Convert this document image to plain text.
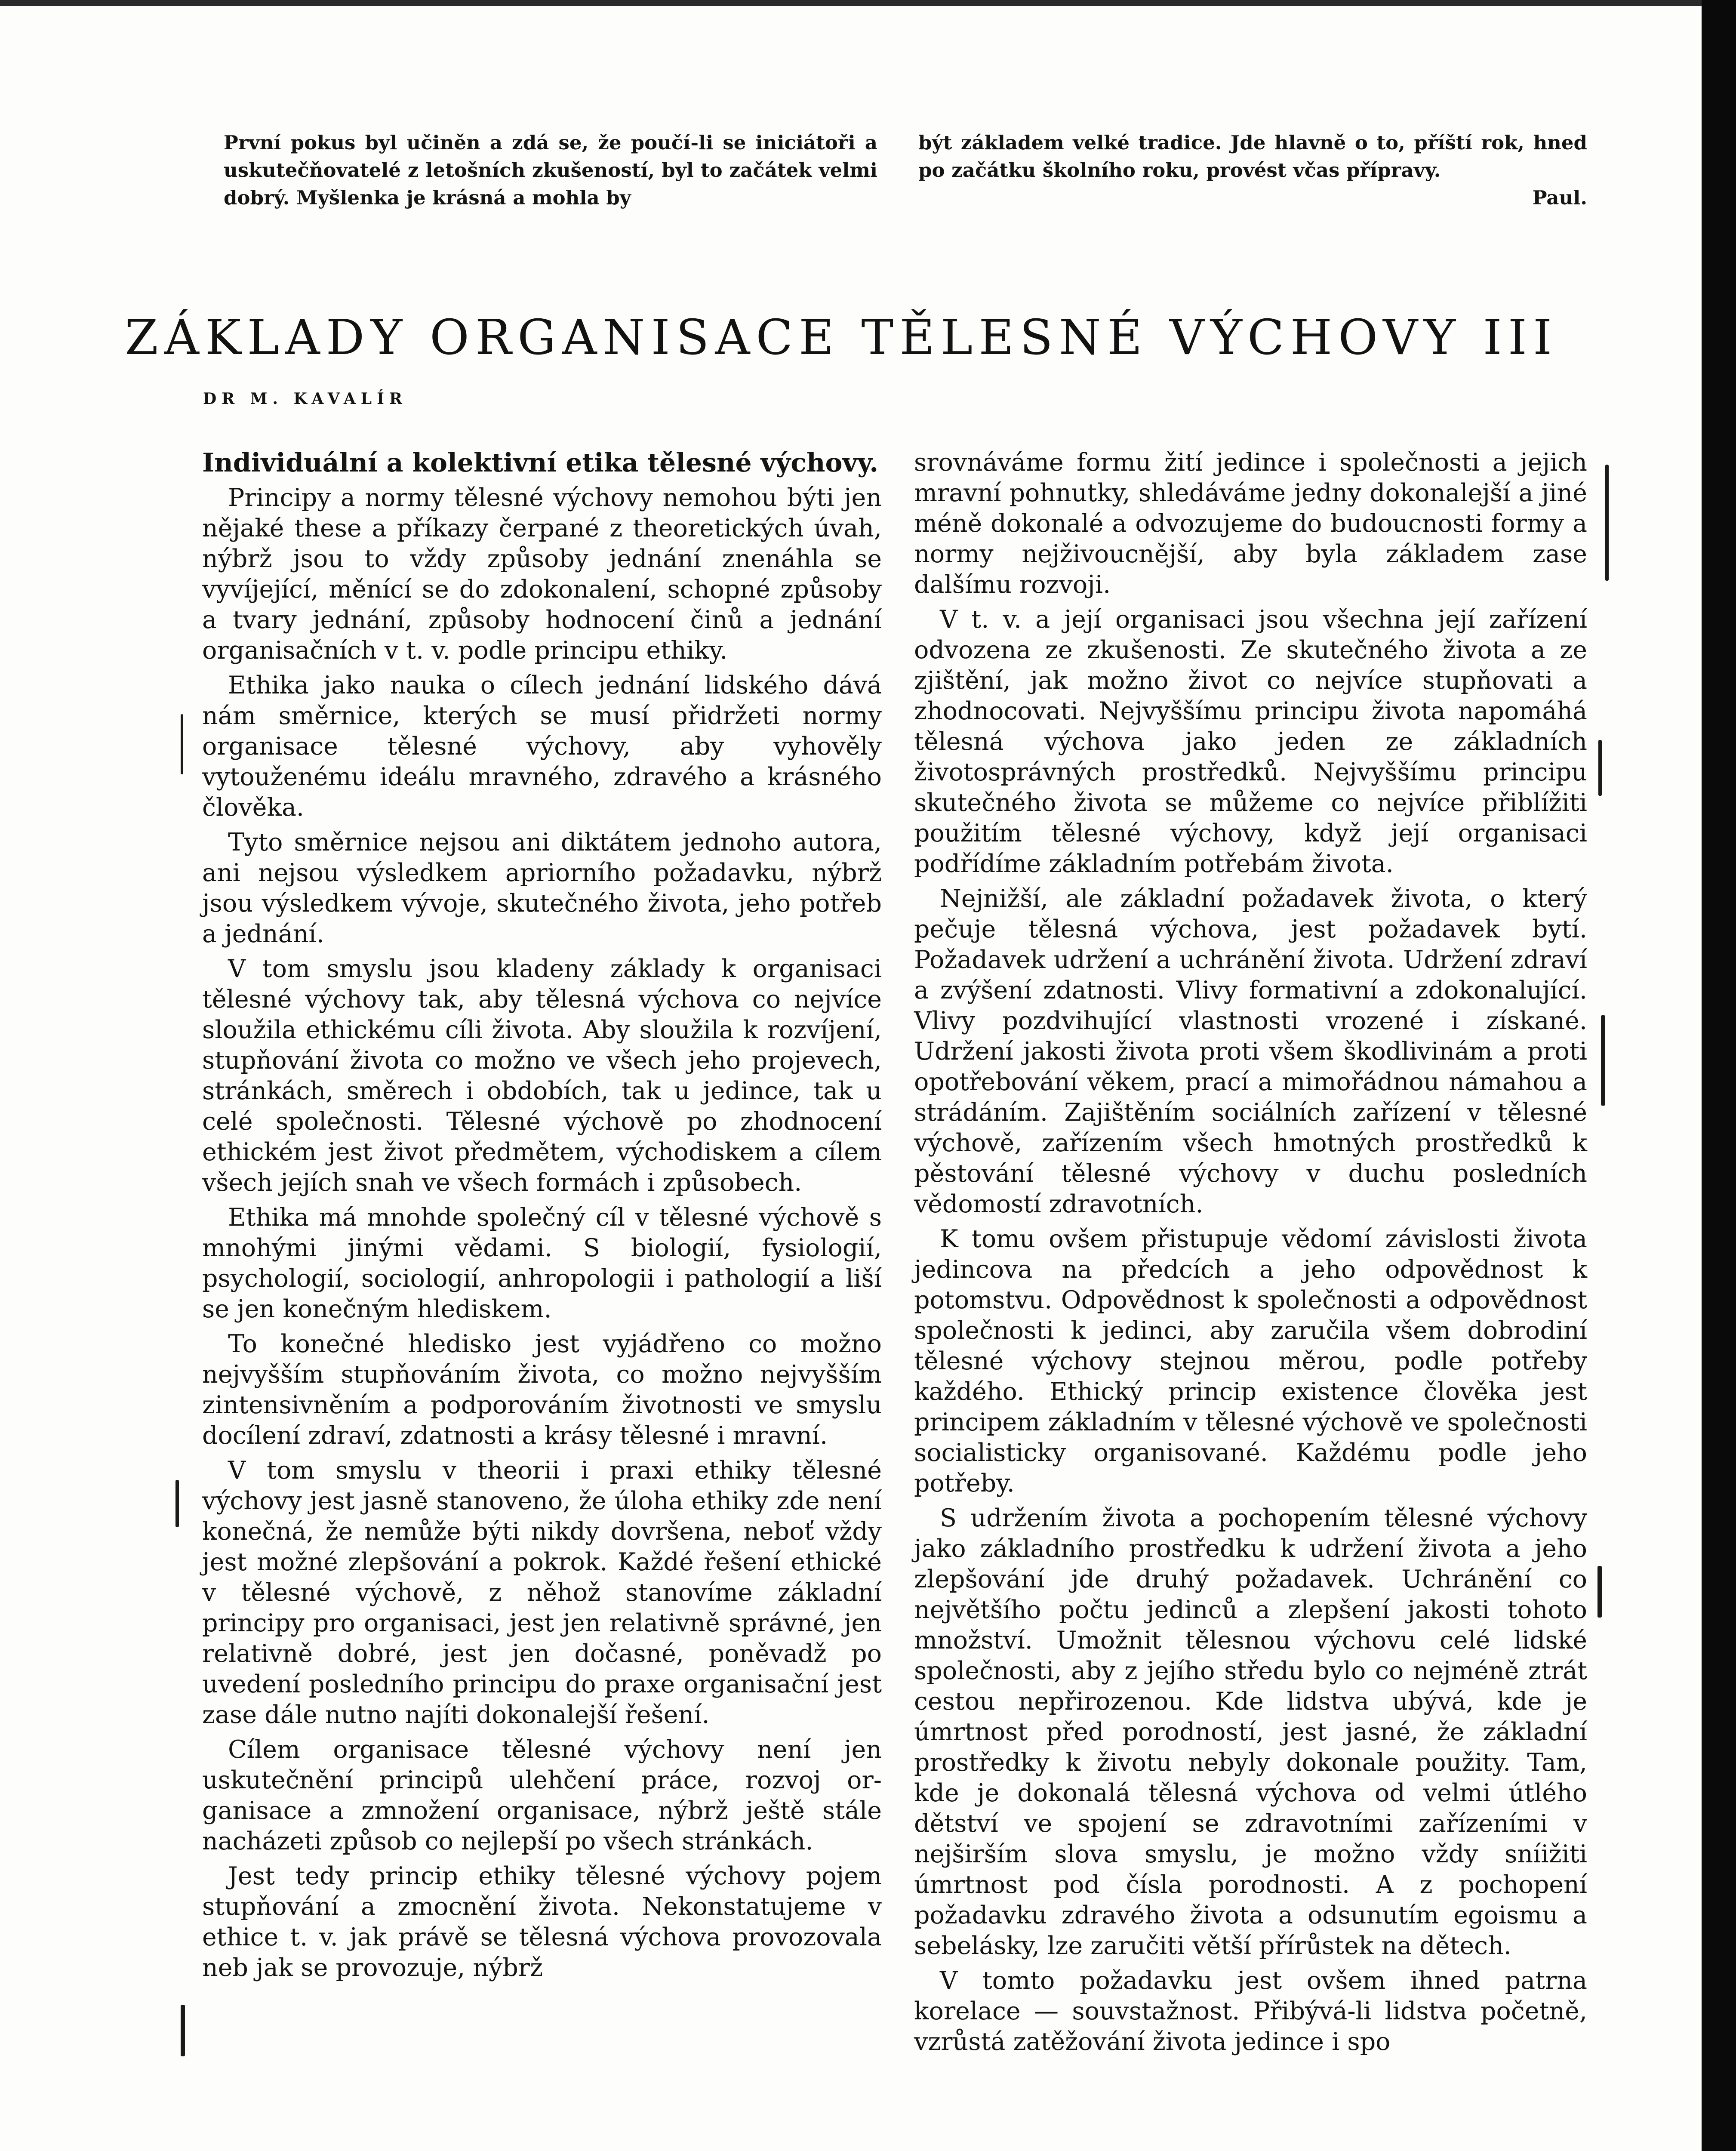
První pokus byl učiněn a zdá se, že poučí-li se iniciátoři a uskutečňovatelé z letošních zkušeností, byl to začátek velmi dobrý. Myšlenka je krásná a mohla by

být základem velké tradice. Jde hlavně o to, příští rok, hned po začátku školního roku, provést včas přípravy.

Paul.

ZÁKLADY ORGANISACE TĚLESNÉ VÝCHOVY III
DR M. KAVALÍR
Individuální a kolektivní etika tělesné výchovy.

Principy a normy tělesné výchovy nemohou býti jen nějaké these a příkazy čerpané z theoretických úvah, nýbrž jsou to vždy způsoby jednání znenáhla se vyvíjející, měnící se do zdokonalení, schopné způsoby a tvary jednání, způsoby hodnocení činů a jednání organisačních v t. v. podle principu ethiky.

Ethika jako nauka o cílech jednání lidského dává nám směrnice, kterých se musí přidržeti normy organisace tělesné výchovy, aby vyhověly vytouženému ideálu mravného, zdravého a krásného člověka.

Tyto směrnice nejsou ani diktátem jednoho autora, ani nejsou výsledkem apriorního požadavku, nýbrž jsou výsledkem vývoje, skutečného života, jeho potřeb a jednání.

V tom smyslu jsou kladeny základy k organisaci tělesné výchovy tak, aby tělesná výchova co nejvíce sloužila ethickému cíli života. Aby sloužila k rozvíjení, stupňování života co možno ve všech jeho projevech, stránkách, směrech i obdobích, tak u jedince, tak u celé společnosti. Tělesné výchově po zhodnocení ethickém jest život předmětem, východiskem a cílem všech jejích snah ve všech formách i způsobech.

Ethika má mnohde společný cíl v tělesné výchově s mnohými jinými vědami. S biologií, fysiologií, psychologií, sociologií, anhropologii i pathologií a liší se jen konečným hlediskem.

To konečné hledisko jest vyjádřeno co možno nejvyšším stupňováním života, co možno nejvyšším zintensivněním a podporováním životnosti ve smyslu docílení zdraví, zdatnosti a krásy tělesné i mravní.

V tom smyslu v theorii i praxi ethiky tělesné výchovy jest jasně stanoveno, že úloha ethiky zde není konečná, že nemůže býti nikdy dovršena, neboť vždy jest možné zlepšování a pokrok. Každé řešení ethické v tělesné výchově, z něhož stanovíme základní principy pro organisaci, jest jen relativně správné, jen relativně dobré, jest jen dočasné, poněvadž po uvedení posledního principu do praxe organisační jest zase dále nutno najíti dokonalejší řešení.

Cílem organisace tělesné výchovy není jen uskutečnění principů ulehčení práce, rozvoj organisace a zmnožení organisace, nýbrž ještě stále nacházeti způsob co nejlepší po všech stránkách.

Jest tedy princip ethiky tělesné výchovy pojem stupňování a zmocnění života. Nekonstatujeme v ethice t. v. jak právě se tělesná výchova provozovala neb jak se provozuje, nýbrž

srovnáváme formu žití jedince i společnosti a jejich mravní pohnutky, shledáváme jedny dokonalejší a jiné méně dokonalé a odvozujeme do budoucnosti formy a normy nejživoucnější, aby byla základem zase dalšímu rozvoji.

V t. v. a její organisaci jsou všechna její zařízení odvozena ze zkušenosti. Ze skutečného života a ze zjištění, jak možno život co nejvíce stupňovati a zhodnocovati. Nejvyššímu principu života napomáhá tělesná výchova jako jeden ze základních životosprávných prostředků. Nejvyššímu principu skutečného života se můžeme co nejvíce přiblížiti použitím tělesné výchovy, když její organisaci podřídíme základním potřebám života.

Nejnižší, ale základní požadavek života, o který pečuje tělesná výchova, jest požadavek bytí. Požadavek udržení a uchránění života. Udržení zdraví a zvýšení zdatnosti. Vlivy formativní a zdokonalující. Vlivy pozdvihující vlastnosti vrozené i získané. Udržení jakosti života proti všem škodlivinám a proti opotřebování věkem, prací a mimořádnou námahou a strádáním. Zajištěním sociálních zařízení v tělesné výchově, zařízením všech hmotných prostředků k pěstování tělesné výchovy v duchu posledních vědomostí zdravotních.

K tomu ovšem přistupuje vědomí závislosti života jedincova na předcích a jeho odpovědnost k potomstvu. Odpovědnost k společnosti a odpovědnost společnosti k jedinci, aby zaručila všem dobrodiní tělesné výchovy stejnou měrou, podle potřeby každého. Ethický princip existence člověka jest principem základním v tělesné výchově ve společnosti socialisticky organisované. Každému podle jeho potřeby.

S udržením života a pochopením tělesné výchovy jako základního prostředku k udržení života a jeho zlepšování jde druhý požadavek. Uchránění co největšího počtu jedinců a zlepšení jakosti tohoto množství. Umožnit tělesnou výchovu celé lidské společnosti, aby z jejího středu bylo co nejméně ztrát cestou nepřirozenou. Kde lidstva ubývá, kde je úmrtnost před porodností, jest jasné, že základní prostředky k životu nebyly dokonale použity. Tam, kde je dokonalá tělesná výchova od velmi útlého dětství ve spojení se zdravotními zařízeními v nejširším slova smyslu, je možno vždy sníižiti úmrtnost pod čísla porodnosti. A z pochopení požadavku zdravého života a odsunutím egoismu a sebelásky, lze zaručiti větší přírůstek na dětech.

V tomto požadavku jest ovšem ihned patrna korelace — souvstažnost. Přibývá-li lidstva početně, vzrůstá zatěžování života jedince i spo
